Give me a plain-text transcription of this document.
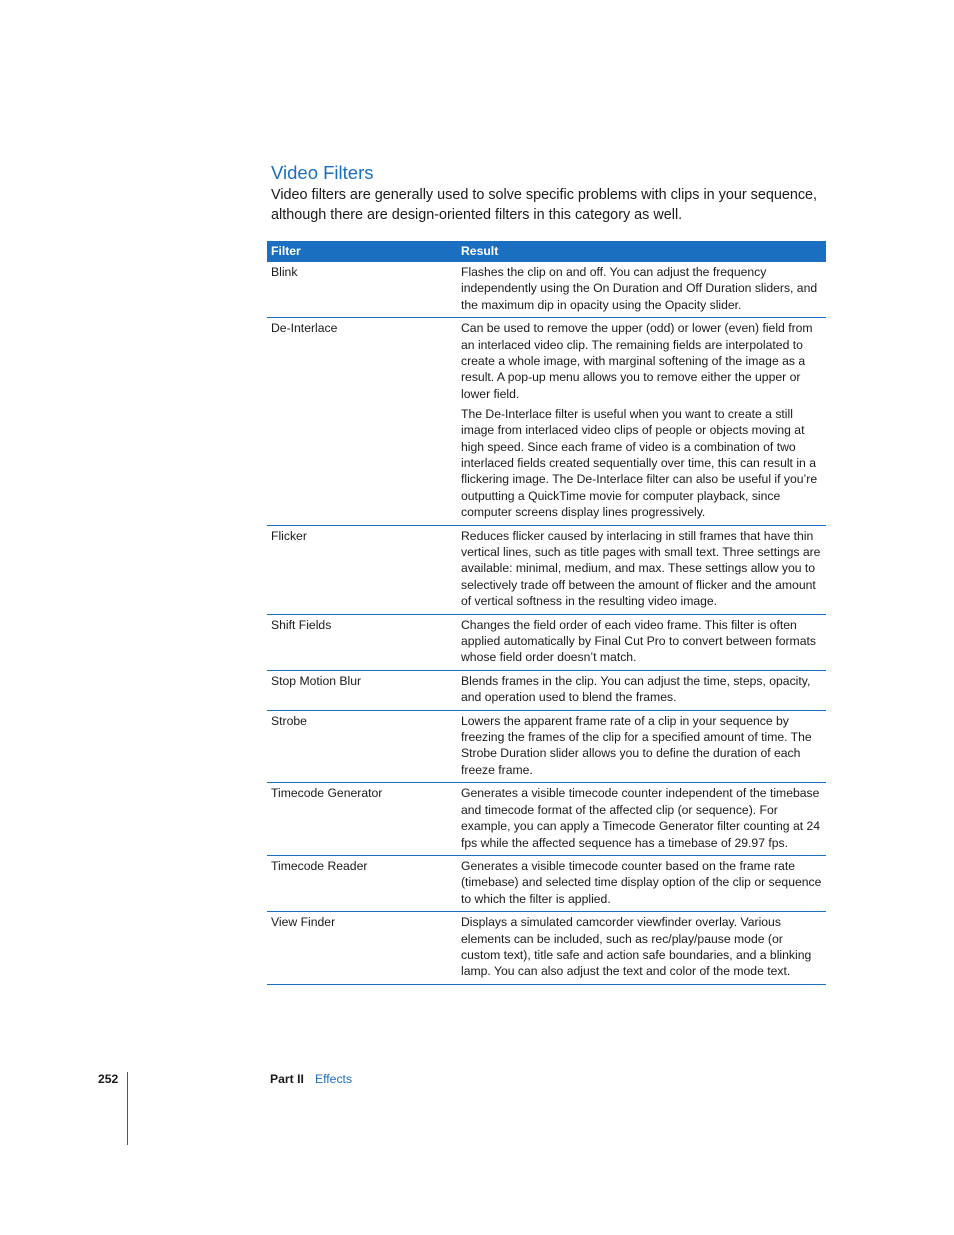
Video Filters

Video filters are generally used to solve specific problems with clips in your sequence, although there are design-oriented filters in this category as well.

Filter	Result
Blink	Flashes the clip on and off. You can adjust the frequency independently using the On Duration and Off Duration sliders, and the maximum dip in opacity using the Opacity slider.

De-Interlace	Can be used to remove the upper (odd) or lower (even) field from an interlaced video clip. The remaining fields are interpolated to create a whole image, with marginal softening of the image as a result. A pop-up menu allows you to remove either the upper or lower field.

The De-Interlace filter is useful when you want to create a still image from interlaced video clips of people or objects moving at high speed. Since each frame of video is a combination of two interlaced fields created sequentially over time, this can result in a flickering image. The De-Interlace filter can also be useful if you’re outputting a QuickTime movie for computer playback, since computer screens display lines progressively.

Flicker	Reduces flicker caused by interlacing in still frames that have thin vertical lines, such as title pages with small text. Three settings are available: minimal, medium, and max. These settings allow you to selectively trade off between the amount of flicker and the amount of vertical softness in the resulting video image.

Shift Fields	Changes the field order of each video frame. This filter is often applied automatically by Final Cut Pro to convert between formats whose field order doesn’t match.

Stop Motion Blur	Blends frames in the clip. You can adjust the time, steps, opacity, and operation used to blend the frames.

Strobe	Lowers the apparent frame rate of a clip in your sequence by freezing the frames of the clip for a specified amount of time. The Strobe Duration slider allows you to define the duration of each freeze frame.

Timecode Generator	Generates a visible timecode counter independent of the timebase and timecode format of the affected clip (or sequence). For example, you can apply a Timecode Generator filter counting at 24 fps while the affected sequence has a timebase of 29.97 fps.

Timecode Reader	Generates a visible timecode counter based on the frame rate (timebase) and selected time display option of the clip or sequence to which the filter is applied.

View Finder	Displays a simulated camcorder viewfinder overlay. Various elements can be included, such as rec/play/pause mode (or custom text), title safe and action safe boundaries, and a blinking lamp. You can also adjust the text and color of the mode text.

252	Part II Effects
